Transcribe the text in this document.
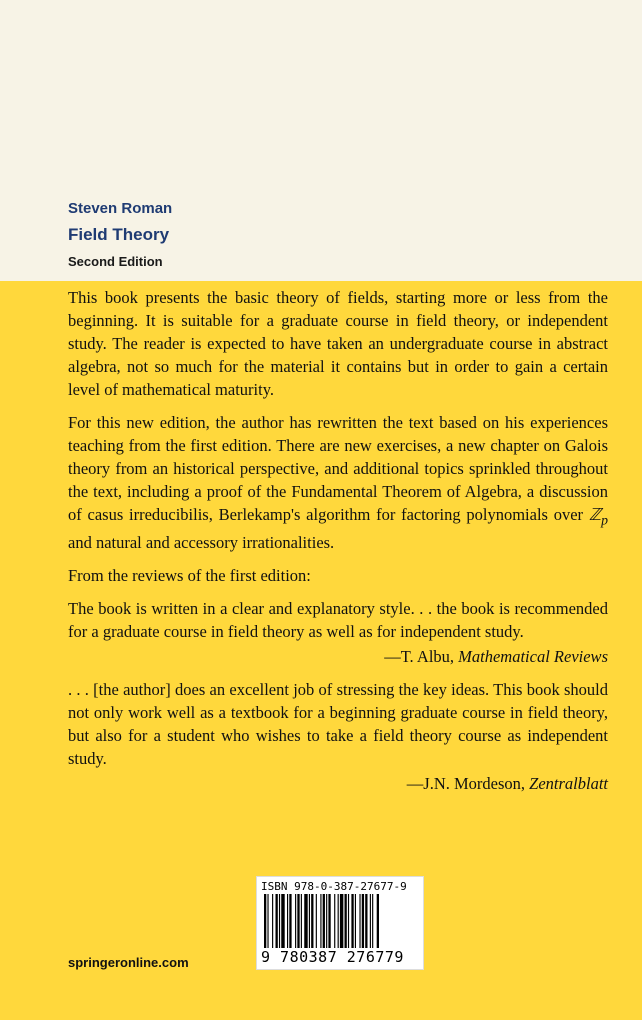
Steven Roman
Field Theory
Second Edition

This book presents the basic theory of fields, starting more or less from the beginning. It is suitable for a graduate course in field theory, or independent study. The reader is expected to have taken an undergraduate course in abstract algebra, not so much for the material it contains but in order to gain a certain level of mathematical maturity.

For this new edition, the author has rewritten the text based on his experiences teaching from the first edition. There are new exercises, a new chapter on Galois theory from an historical perspective, and additional topics sprinkled throughout the text, including a proof of the Fundamental Theorem of Algebra, a discussion of casus irreducibilis, Berlekamp's algorithm for factoring polynomials over ℤ$_p$ and natural and accessory irrationalities.

From the reviews of the first edition:

The book is written in a clear and explanatory style. . . the book is recommended for a graduate course in field theory as well as for independent study.

—T. Albu, Mathematical Reviews

. . . [the author] does an excellent job of stressing the key ideas. This book should not only work well as a textbook for a beginning graduate course in field theory, but also for a student who wishes to take a field theory course as independent study.

—J.N. Mordeson, Zentralblatt
springeronline.com
ISBN 978-0-387-27677-9
9 780387 276779
